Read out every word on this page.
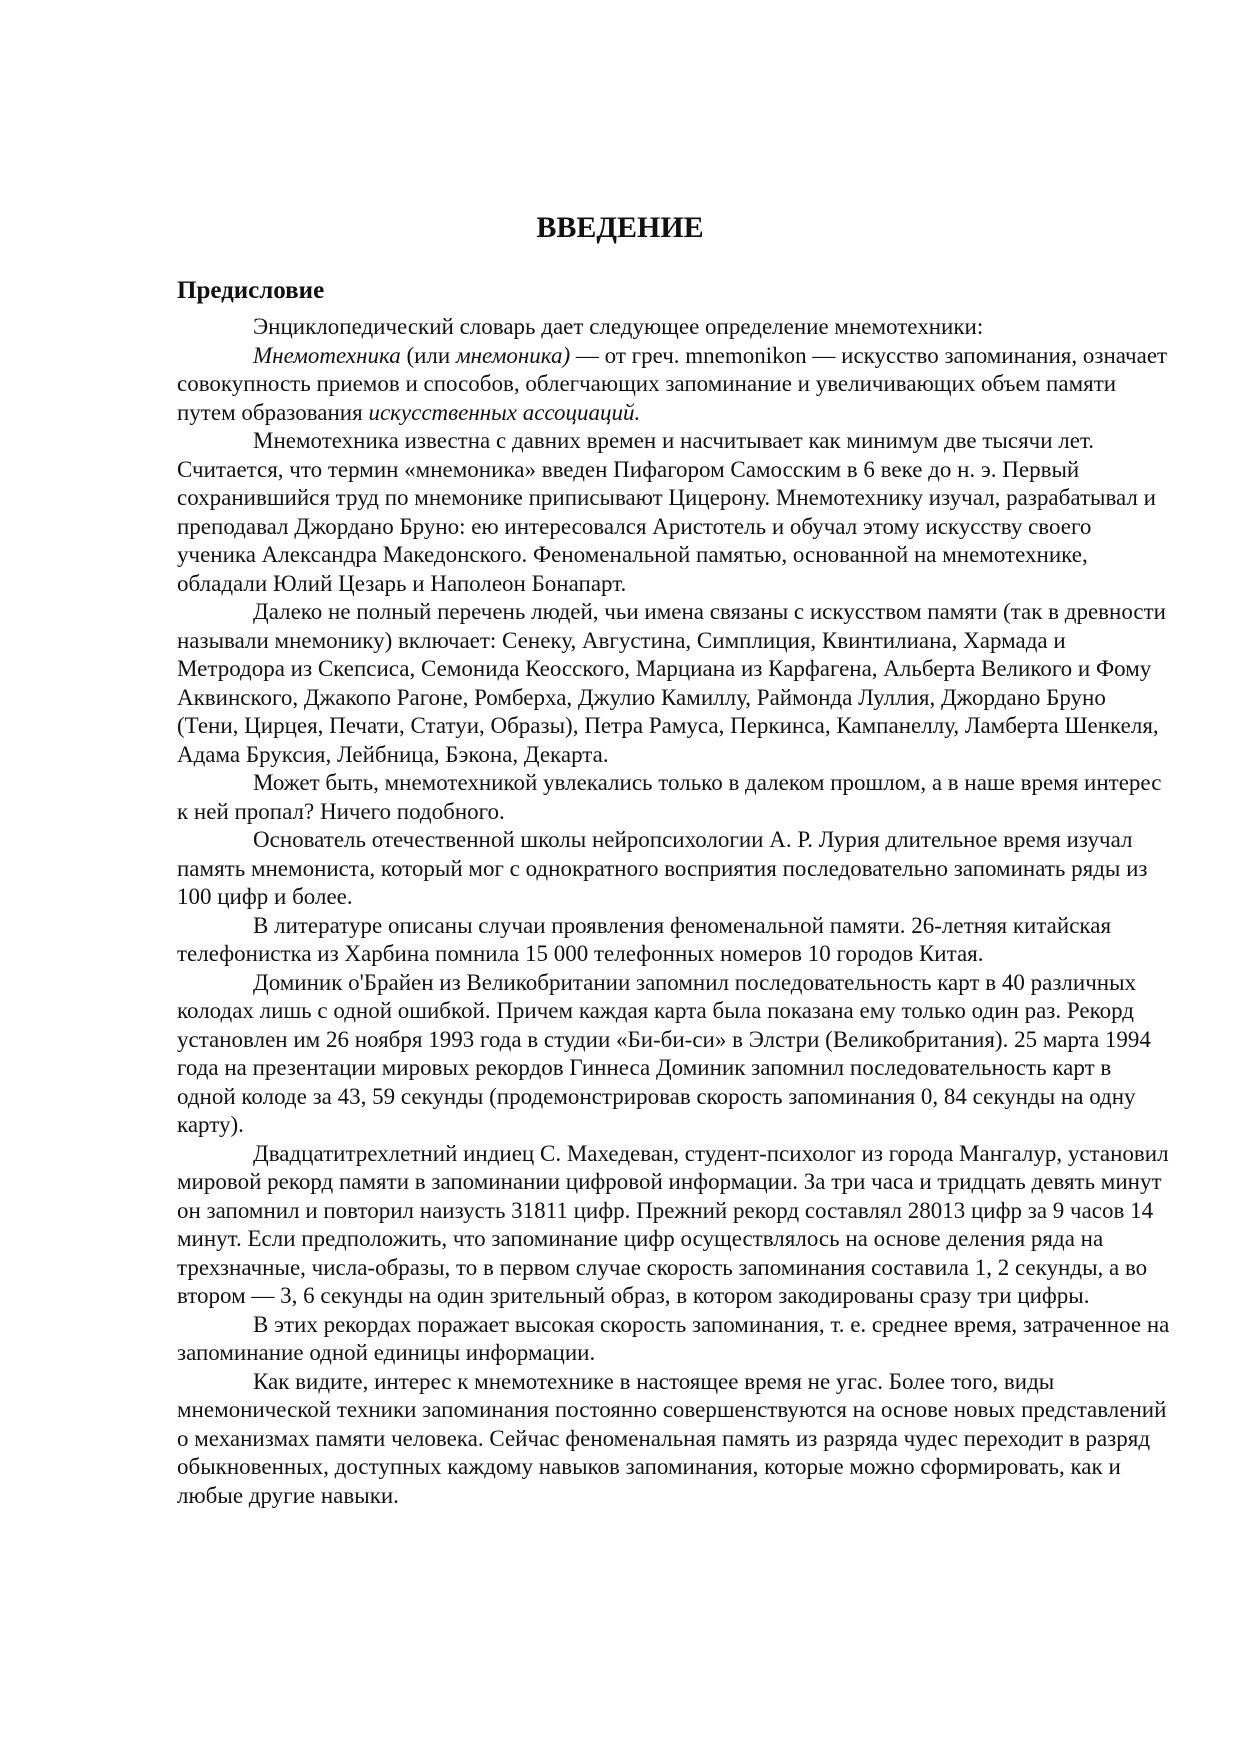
ВВЕДЕНИЕ
Предисловие

Энциклопедический словарь дает следующее определение мнемотехники:

Мнемотехника (или мнемоника) — от греч. mnemonikon — искусство запоминания, означает совокупность приемов и способов, облегчающих запоминание и увеличивающих объем памяти путем образования искусственных ассоциаций.

Мнемотехника известна с давних времен и насчитывает как минимум две тысячи лет. Считается, что термин «мнемоника» введен Пифагором Самосским в 6 веке до н. э. Первый сохранившийся труд по мнемонике приписывают Цицерону. Мнемотехнику изучал, разрабатывал и преподавал Джордано Бруно: ею интересовался Аристотель и обучал этому искусству своего ученика Александра Македонского. Феноменальной памятью, основанной на мнемотехнике, обладали Юлий Цезарь и Наполеон Бонапарт.

Далеко не полный перечень людей, чьи имена связаны с искусством памяти (так в древности называли мнемонику) включает: Сенеку, Августина, Симплиция, Квинтилиана, Хармада и Метродора из Скепсиса, Семонида Кеосского, Марциана из Карфагена, Альберта Великого и Фому Аквинского, Джакопо Рагоне, Ромберха, Джулио Камиллу, Раймонда Луллия, Джордано Бруно (Тени, Цирцея, Печати, Статуи, Образы), Петра Рамуса, Перкинса, Кампанеллу, Ламберта Шенкеля, Адама Бруксия, Лейбница, Бэкона, Декарта.

Может быть, мнемотехникой увлекались только в далеком прошлом, а в наше время интерес к ней пропал? Ничего подобного.

Основатель отечественной школы нейропсихологии А. Р. Лурия длительное время изучал память мнемониста, который мог с однократного восприятия последовательно запоминать ряды из 100 цифр и более.

В литературе описаны случаи проявления феноменальной памяти. 26-летняя китайская телефонистка из Харбина помнила 15 000 телефонных номеров 10 городов Китая.

Доминик о'Брайен из Великобритании запомнил последовательность карт в 40 различных колодах лишь с одной ошибкой. Причем каждая карта была показана ему только один раз. Рекорд установлен им 26 ноября 1993 года в студии «Би-би-си» в Элстри (Великобритания). 25 марта 1994 года на презентации мировых рекордов Гиннеса Доминик запомнил последовательность карт в одной колоде за 43, 59 секунды (продемонстрировав скорость запоминания 0, 84 секунды на одну карту).

Двадцатитрехлетний индиец С. Махедеван, студент-психолог из города Мангалур, установил мировой рекорд памяти в запоминании цифровой информации. За три часа и тридцать девять минут он запомнил и повторил наизусть 31811 цифр. Прежний рекорд составлял 28013 цифр за 9 часов 14 минут. Если предположить, что запоминание цифр осуществлялось на основе деления ряда на трехзначные, числа-образы, то в первом случае скорость запоминания составила 1, 2 секунды, а во втором — 3, 6 секунды на один зрительный образ, в котором закодированы сразу три цифры.

В этих рекордах поражает высокая скорость запоминания, т. е. среднее время, затраченное на запоминание одной единицы информации.

Как видите, интерес к мнемотехнике в настоящее время не угас. Более того, виды мнемонической техники запоминания постоянно совершенствуются на основе новых представлений о механизмах памяти человека. Сейчас феноменальная память из разряда чудес переходит в разряд обыкновенных, доступных каждому навыков запоминания, которые можно сформировать, как и любые другие навыки.
